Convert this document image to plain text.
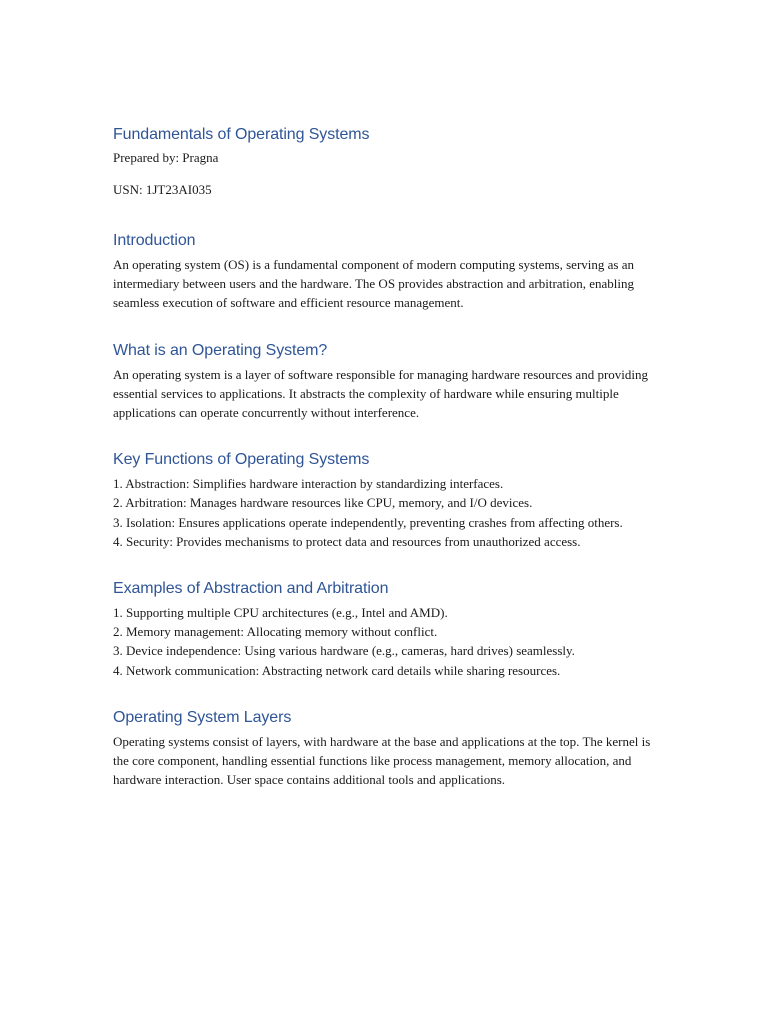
Fundamentals of Operating Systems

Prepared by: Pragna

USN: 1JT23AI035

Introduction

An operating system (OS) is a fundamental component of modern computing systems, serving as an intermediary between users and the hardware. The OS provides abstraction and arbitration, enabling seamless execution of software and efficient resource management.

What is an Operating System?

An operating system is a layer of software responsible for managing hardware resources and providing essential services to applications. It abstracts the complexity of hardware while ensuring multiple applications can operate concurrently without interference.

Key Functions of Operating Systems
1. Abstraction: Simplifies hardware interaction by standardizing interfaces.
2. Arbitration: Manages hardware resources like CPU, memory, and I/O devices.
3. Isolation: Ensures applications operate independently, preventing crashes from affecting others.
4. Security: Provides mechanisms to protect data and resources from unauthorized access.
Examples of Abstraction and Arbitration
1. Supporting multiple CPU architectures (e.g., Intel and AMD).
2. Memory management: Allocating memory without conflict.
3. Device independence: Using various hardware (e.g., cameras, hard drives) seamlessly.
4. Network communication: Abstracting network card details while sharing resources.
Operating System Layers

Operating systems consist of layers, with hardware at the base and applications at the top. The kernel is the core component, handling essential functions like process management, memory allocation, and hardware interaction. User space contains additional tools and applications.
